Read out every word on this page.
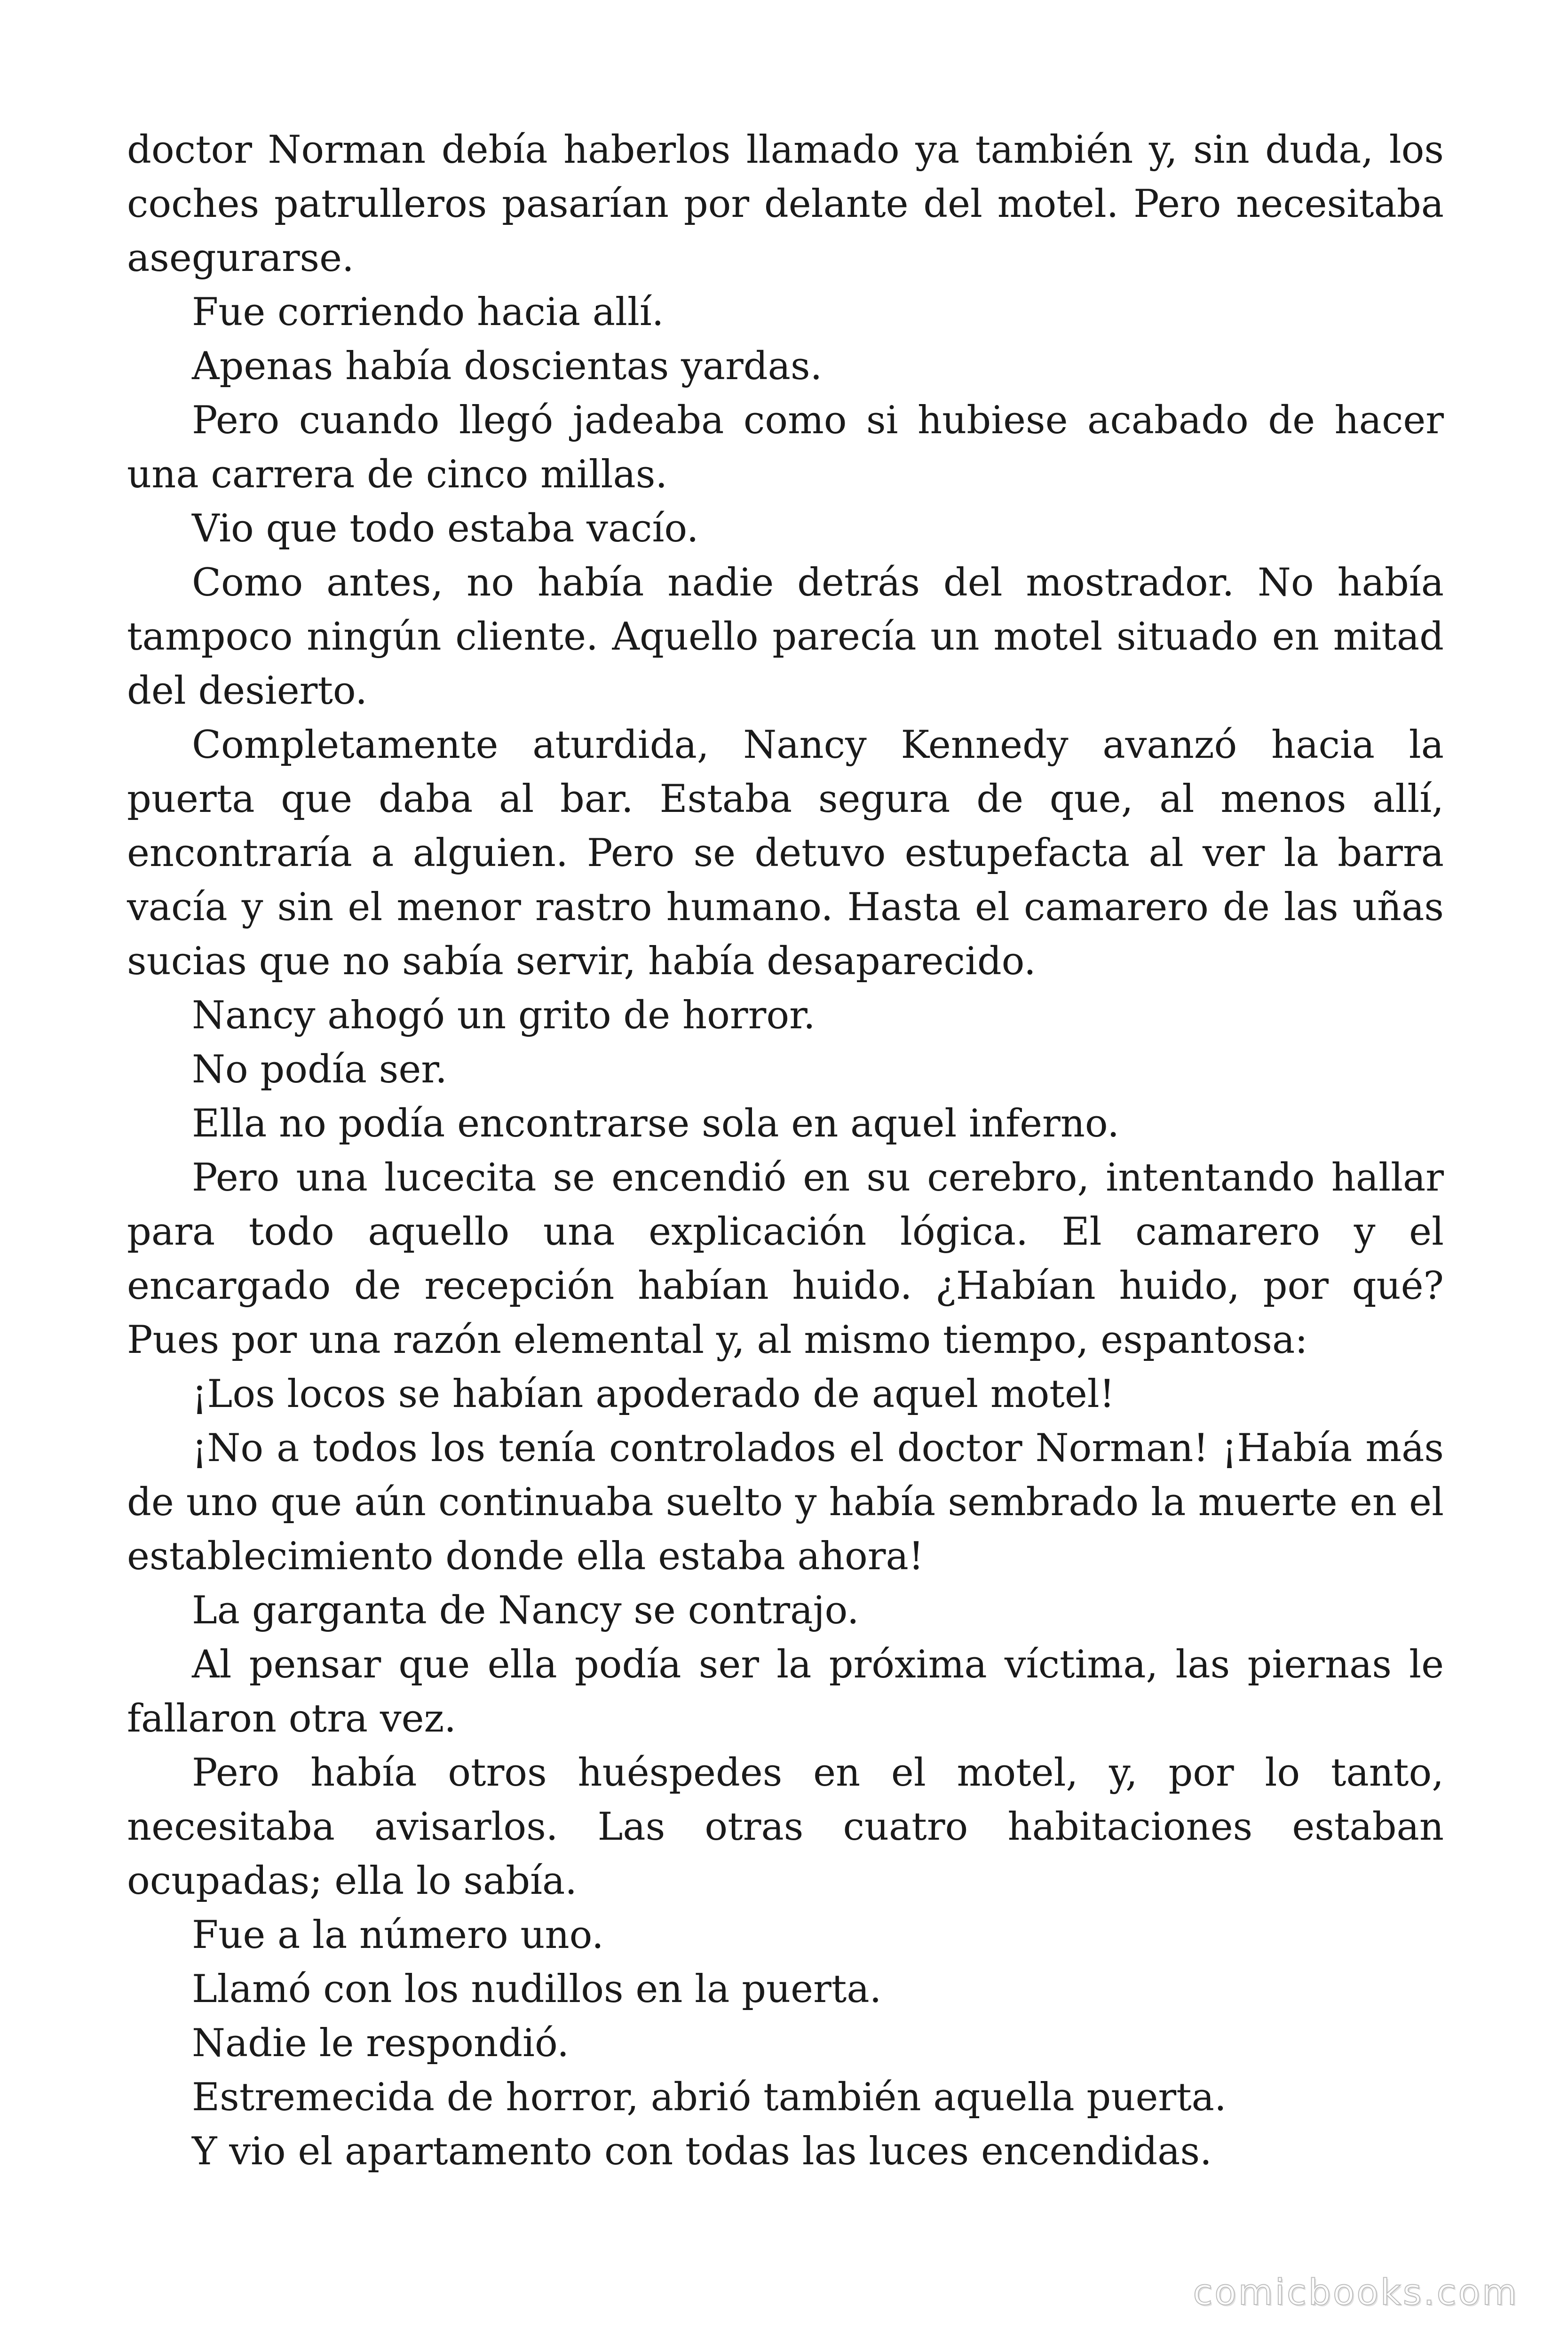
doctor Norman debía haberlos llamado ya también y, sin duda, los coches patrulleros pasarían por delante del motel. Pero necesitaba asegurarse.

Fue corriendo hacia allí.

Apenas había doscientas yardas.

Pero cuando llegó jadeaba como si hubiese acabado de hacer una carrera de cinco millas.

Vio que todo estaba vacío.

Como antes, no había nadie detrás del mostrador. No había tampoco ningún cliente. Aquello parecía un motel situado en mitad del desierto.

Completamente aturdida, Nancy Kennedy avanzó hacia la puerta que daba al bar. Estaba segura de que, al menos allí, encontraría a alguien. Pero se detuvo estupefacta al ver la barra vacía y sin el menor rastro humano. Hasta el camarero de las uñas sucias que no sabía servir, había desaparecido.

Nancy ahogó un grito de horror.

No podía ser.

Ella no podía encontrarse sola en aquel inferno.

Pero una lucecita se encendió en su cerebro, intentando hallar para todo aquello una explicación lógica. El camarero y el encargado de recepción habían huido. ¿Habían huido, por qué? Pues por una razón elemental y, al mismo tiempo, espantosa:

¡Los locos se habían apoderado de aquel motel!

¡No a todos los tenía controlados el doctor Norman! ¡Había más de uno que aún continuaba suelto y había sembrado la muerte en el establecimiento donde ella estaba ahora!

La garganta de Nancy se contrajo.

Al pensar que ella podía ser la próxima víctima, las piernas le fallaron otra vez.

Pero había otros huéspedes en el motel, y, por lo tanto, necesitaba avisarlos. Las otras cuatro habitaciones estaban ocupadas; ella lo sabía.

Fue a la número uno.

Llamó con los nudillos en la puerta.

Nadie le respondió.

Estremecida de horror, abrió también aquella puerta.

Y vio el apartamento con todas las luces encendidas.

comicbooks.com
